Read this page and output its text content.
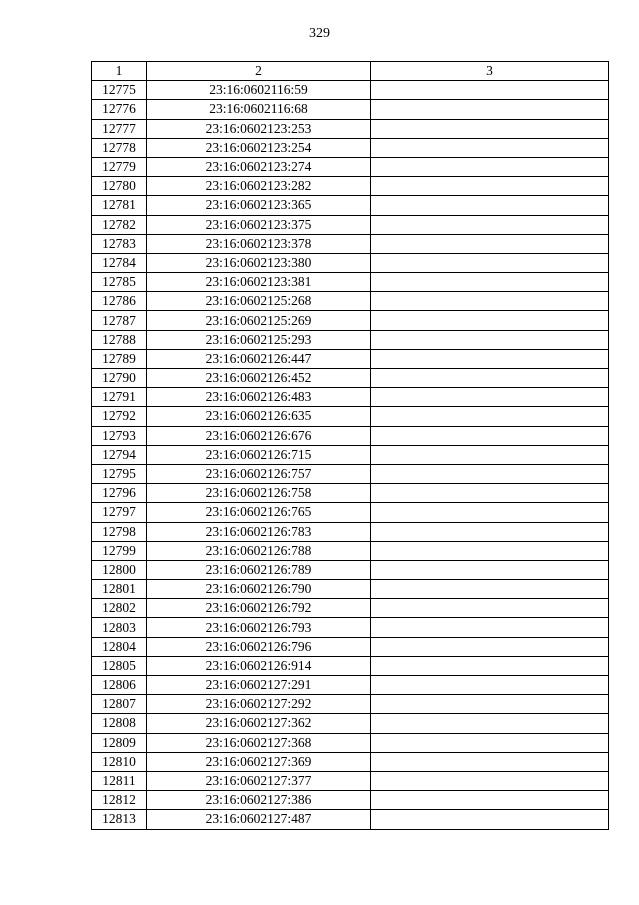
329
1	2	3
12775	23:16:0602116:59	
12776	23:16:0602116:68	
12777	23:16:0602123:253	
12778	23:16:0602123:254	
12779	23:16:0602123:274	
12780	23:16:0602123:282	
12781	23:16:0602123:365	
12782	23:16:0602123:375	
12783	23:16:0602123:378	
12784	23:16:0602123:380	
12785	23:16:0602123:381	
12786	23:16:0602125:268	
12787	23:16:0602125:269	
12788	23:16:0602125:293	
12789	23:16:0602126:447	
12790	23:16:0602126:452	
12791	23:16:0602126:483	
12792	23:16:0602126:635	
12793	23:16:0602126:676	
12794	23:16:0602126:715	
12795	23:16:0602126:757	
12796	23:16:0602126:758	
12797	23:16:0602126:765	
12798	23:16:0602126:783	
12799	23:16:0602126:788	
12800	23:16:0602126:789	
12801	23:16:0602126:790	
12802	23:16:0602126:792	
12803	23:16:0602126:793	
12804	23:16:0602126:796	
12805	23:16:0602126:914	
12806	23:16:0602127:291	
12807	23:16:0602127:292	
12808	23:16:0602127:362	
12809	23:16:0602127:368	
12810	23:16:0602127:369	
12811	23:16:0602127:377	
12812	23:16:0602127:386	
12813	23:16:0602127:487	
